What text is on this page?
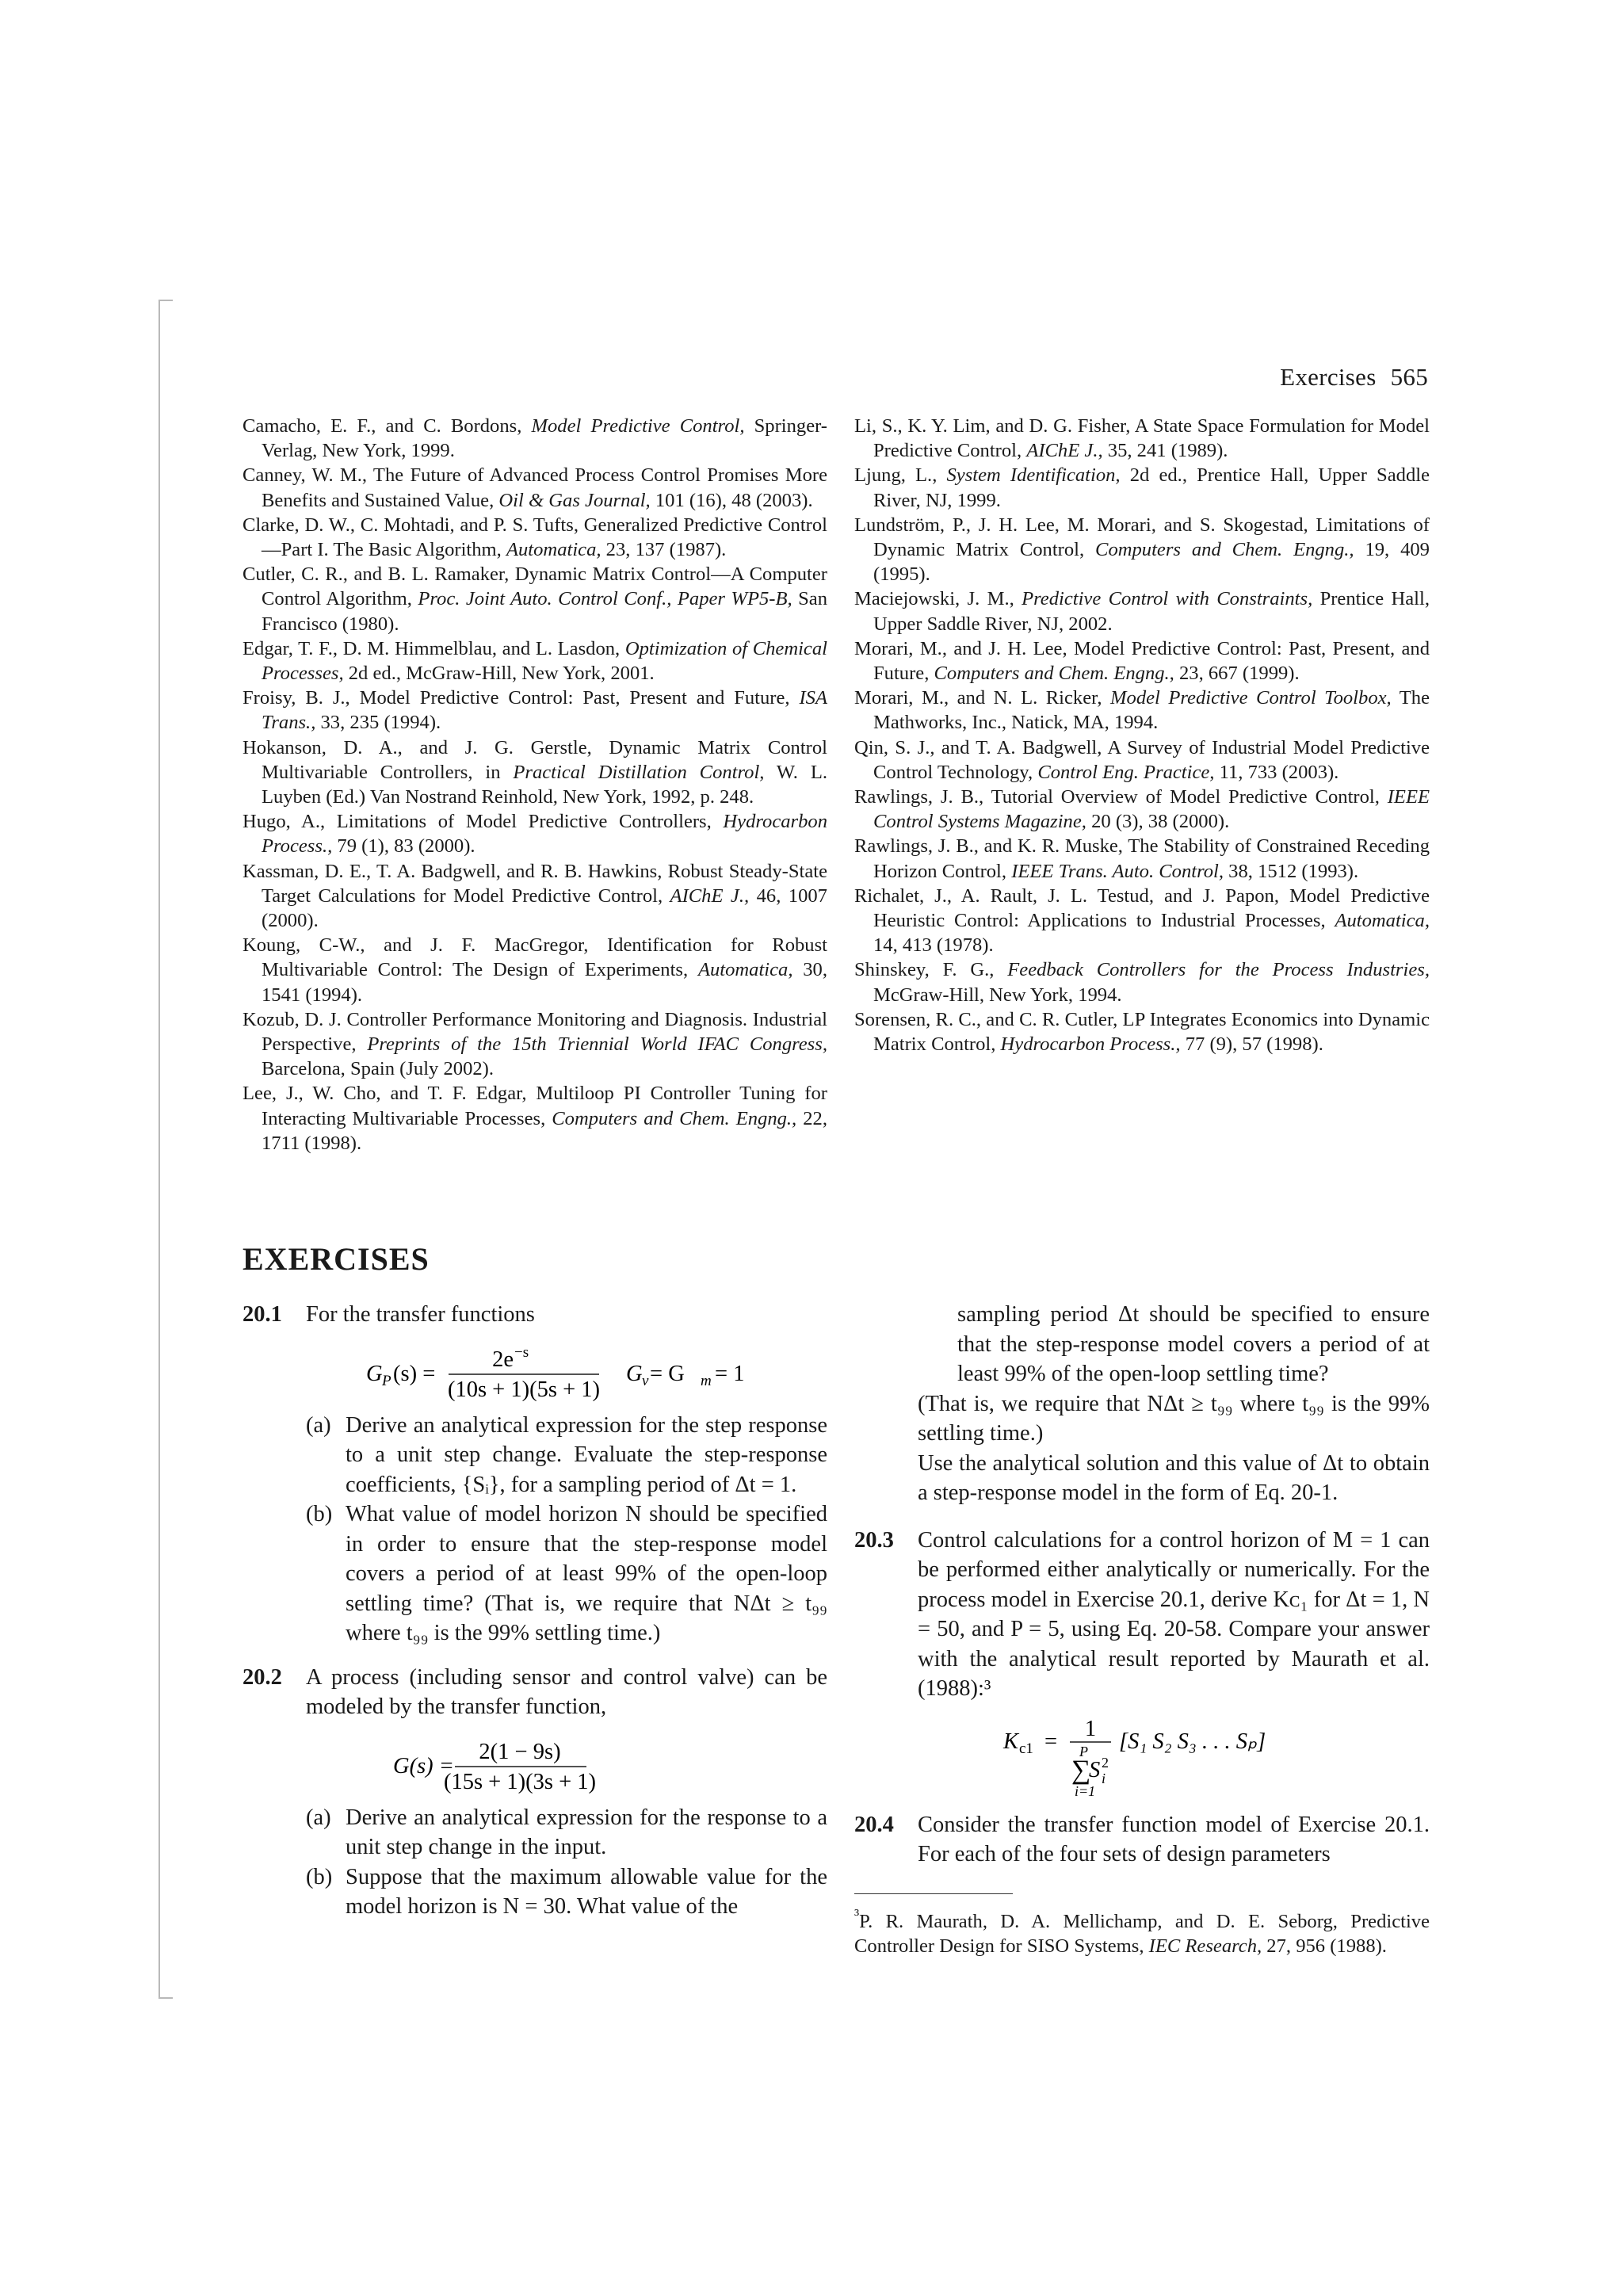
Exercises 565

Camacho, E. F., and C. Bordons, Model Predictive Control, Springer-Verlag, New York, 1999.

Canney, W. M., The Future of Advanced Process Control Promises More Benefits and Sustained Value, Oil & Gas Journal, 101 (16), 48 (2003).

Clarke, D. W., C. Mohtadi, and P. S. Tufts, Generalized Predictive Control—Part I. The Basic Algorithm, Automatica, 23, 137 (1987).

Cutler, C. R., and B. L. Ramaker, Dynamic Matrix Control—A Computer Control Algorithm, Proc. Joint Auto. Control Conf., Paper WP5-B, San Francisco (1980).

Edgar, T. F., D. M. Himmelblau, and L. Lasdon, Optimization of Chemical Processes, 2d ed., McGraw-Hill, New York, 2001.

Froisy, B. J., Model Predictive Control: Past, Present and Future, ISA Trans., 33, 235 (1994).

Hokanson, D. A., and J. G. Gerstle, Dynamic Matrix Control Multivariable Controllers, in Practical Distillation Control, W. L. Luyben (Ed.) Van Nostrand Reinhold, New York, 1992, p. 248.

Hugo, A., Limitations of Model Predictive Controllers, Hydrocarbon Process., 79 (1), 83 (2000).

Kassman, D. E., T. A. Badgwell, and R. B. Hawkins, Robust Steady-State Target Calculations for Model Predictive Control, AIChE J., 46, 1007 (2000).

Koung, C-W., and J. F. MacGregor, Identification for Robust Multivariable Control: The Design of Experiments, Automatica, 30, 1541 (1994).

Kozub, D. J. Controller Performance Monitoring and Diagnosis. Industrial Perspective, Preprints of the 15th Triennial World IFAC Congress, Barcelona, Spain (July 2002).

Lee, J., W. Cho, and T. F. Edgar, Multiloop PI Controller Tuning for Interacting Multivariable Processes, Computers and Chem. Engng., 22, 1711 (1998).

Li, S., K. Y. Lim, and D. G. Fisher, A State Space Formulation for Model Predictive Control, AIChE J., 35, 241 (1989).

Ljung, L., System Identification, 2d ed., Prentice Hall, Upper Saddle River, NJ, 1999.

Lundström, P., J. H. Lee, M. Morari, and S. Skogestad, Limitations of Dynamic Matrix Control, Computers and Chem. Engng., 19, 409 (1995).

Maciejowski, J. M., Predictive Control with Constraints, Prentice Hall, Upper Saddle River, NJ, 2002.

Morari, M., and J. H. Lee, Model Predictive Control: Past, Present, and Future, Computers and Chem. Engng., 23, 667 (1999).

Morari, M., and N. L. Ricker, Model Predictive Control Toolbox, The Mathworks, Inc., Natick, MA, 1994.

Qin, S. J., and T. A. Badgwell, A Survey of Industrial Model Predictive Control Technology, Control Eng. Practice, 11, 733 (2003).

Rawlings, J. B., Tutorial Overview of Model Predictive Control, IEEE Control Systems Magazine, 20 (3), 38 (2000).

Rawlings, J. B., and K. R. Muske, The Stability of Constrained Receding Horizon Control, IEEE Trans. Auto. Control, 38, 1512 (1993).

Richalet, J., A. Rault, J. L. Testud, and J. Papon, Model Predictive Heuristic Control: Applications to Industrial Processes, Automatica, 14, 413 (1978).

Shinskey, F. G., Feedback Controllers for the Process Industries, McGraw-Hill, New York, 1994.

Sorensen, R. C., and C. R. Cutler, LP Integrates Economics into Dynamic Matrix Control, Hydrocarbon Process., 77 (9), 57 (1998).

EXERCISES
20.1 For the transfer functions

G P (s) =
2e −s
(10s + 1)(5s + 1)
G v = G m = 1

(a) Derive an analytical expression for the step response to a unit step change. Evaluate the step-response coefficients, {Sᵢ}, for a sampling period of Δt = 1.

(b) What value of model horizon N should be specified in order to ensure that the step-response model covers a period of at least 99% of the open-loop settling time? (That is, we require that NΔt ≥ t₉₉ where t₉₉ is the 99% settling time.)

20.2 A process (including sensor and control valve) can be modeled by the transfer function,

G(s) =
2(1 − 9s)
(15s + 1)(3s + 1)

(a) Derive an analytical expression for the response to a unit step change in the input.

(b) Suppose that the maximum allowable value for the model horizon is N = 30. What value of the

sampling period Δt should be specified to ensure that the step-response model covers a period of at least 99% of the open-loop settling time?

(That is, we require that NΔt ≥ t₉₉ where t₉₉ is the 99% settling time.)

Use the analytical solution and this value of Δt to obtain a step-response model in the form of Eq. 20-1.

20.3 Control calculations for a control horizon of M = 1 can be performed either analytically or numerically. For the process model in Exercise 20.1, derive Kᴄ₁ for Δt = 1, N = 50, and P = 5, using Eq. 20-58. Compare your answer with the analytical result reported by Maurath et al. (1988):³

K c1 =
1
P
∑
S i
2
i=1
[S₁ S₂ S₃ . . . Sₚ]
20.4 Consider the transfer function model of Exercise 20.1. For each of the four sets of design parameters

$^{^3}$P. R. Maurath, D. A. Mellichamp, and D. E. Seborg, Predictive Controller Design for SISO Systems, IEC Research, 27, 956 (1988).
